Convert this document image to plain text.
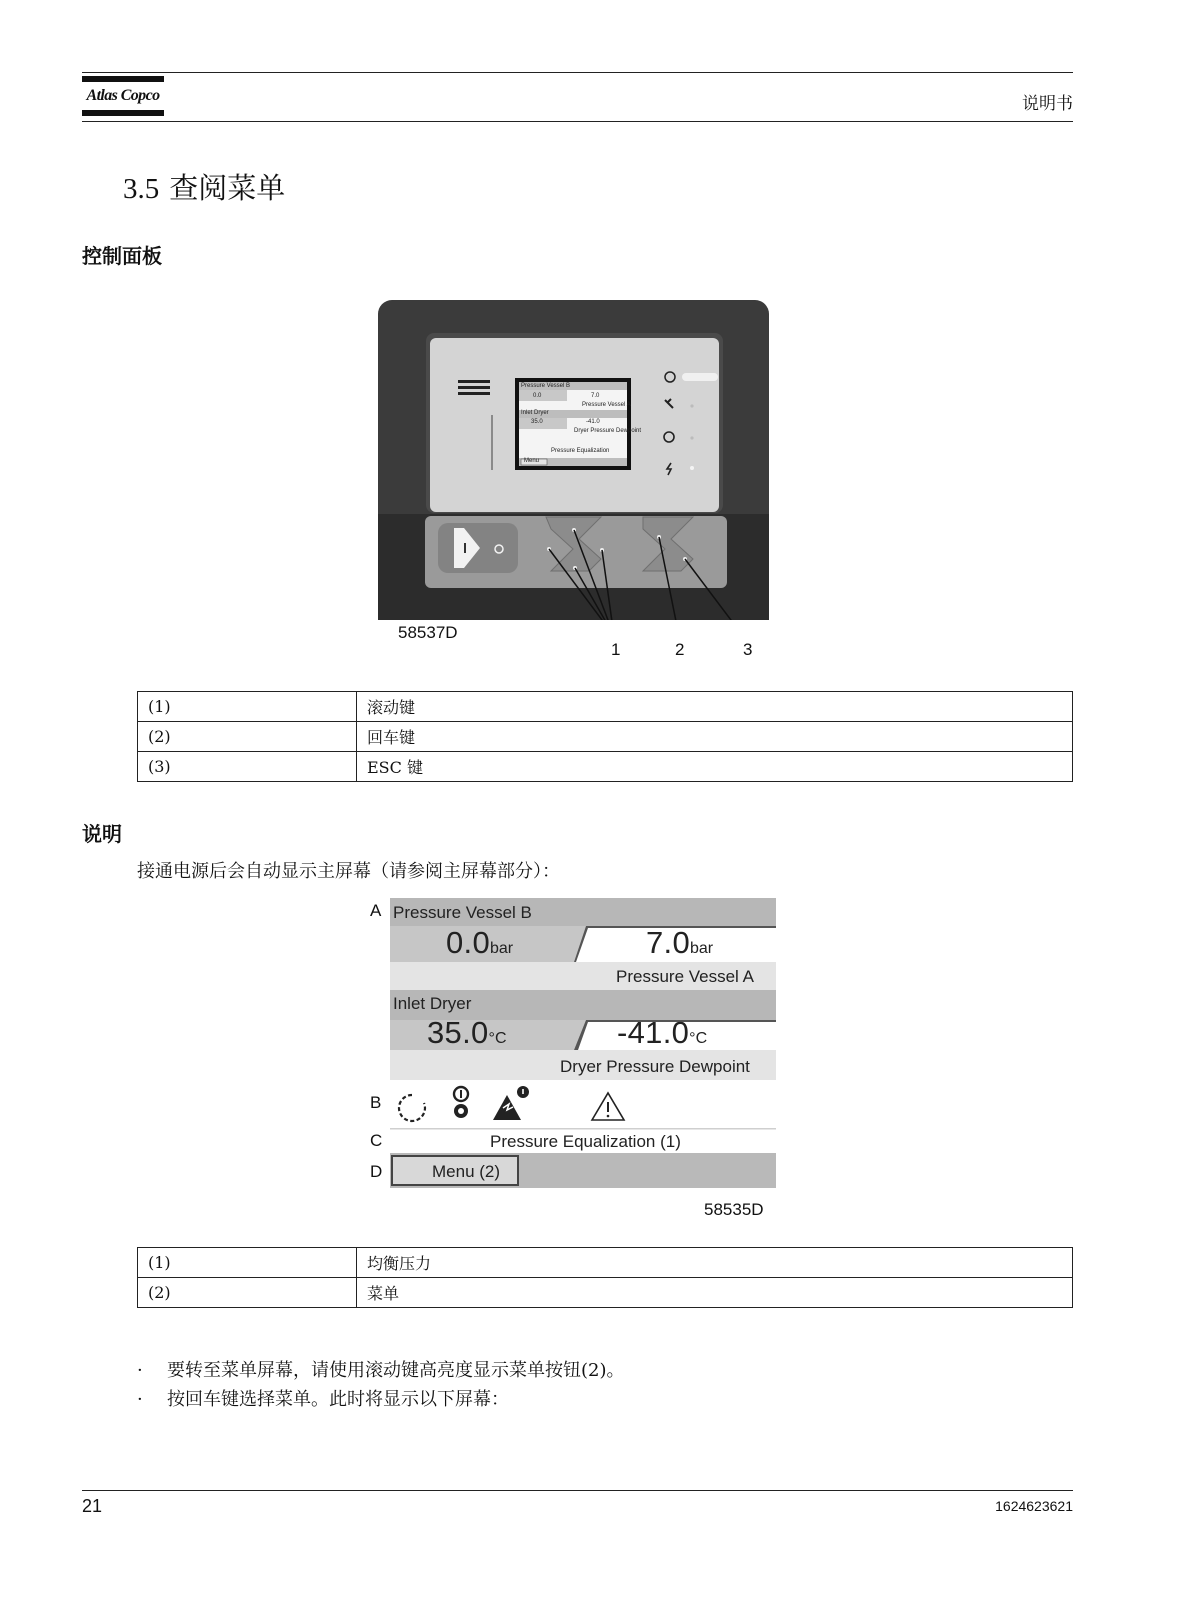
Atlas Copco	说明书
3.5 查阅菜单
控制面板
Pressure Vessel B
0.0	7.0
Pressure Vessel A
Inlet Dryer
35.0	-41.0
Dryer Pressure Dewpoint
Pressure Equalization
Menu
58537D
1	2	3
(1)	滚动键
(2)	回车键
(3)	ESC 键
说明
接通电源后会自动显示主屏幕（请参阅主屏幕部分）：
A
B
C
D
Pressure Vessel B
0.0bar	7.0bar
Pressure Vessel A
Inlet Dryer
35.0°C	-41.0°C
Dryer Pressure Dewpoint
Pressure Equalization (1)
Menu (2)
58535D
(1)	均衡压力
(2)	菜单
· 要转至菜单屏幕，请使用滚动键高亮度显示菜单按钮(2)。
· 按回车键选择菜单。此时将显示以下屏幕：
21	1624623621
